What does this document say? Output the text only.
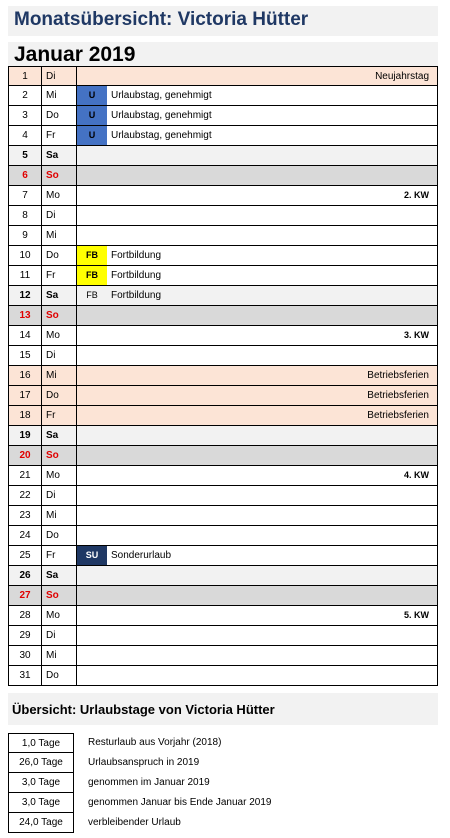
Monatsübersicht: Victoria Hütter
Januar 2019
1	Di	Neujahrstag
2	Mi	U	Urlaubstag, genehmigt
3	Do	U	Urlaubstag, genehmigt
4	Fr	U	Urlaubstag, genehmigt
5	Sa
6	So
7	Mo	2. KW
8	Di
9	Mi
10	Do	FB	Fortbildung
11	Fr	FB	Fortbildung
12	Sa	FB	Fortbildung
13	So
14	Mo	3. KW
15	Di
16	Mi	Betriebsferien
17	Do	Betriebsferien
18	Fr	Betriebsferien
19	Sa
20	So
21	Mo	4. KW
22	Di
23	Mi
24	Do
25	Fr	SU	Sonderurlaub
26	Sa
27	So
28	Mo	5. KW
29	Di
30	Mi
31	Do
Übersicht: Urlaubstage von Victoria Hütter
1,0 Tage	Resturlaub aus Vorjahr (2018)
26,0 Tage	Urlaubsanspruch in 2019
3,0 Tage	genommen im Januar 2019
3,0 Tage	genommen Januar bis Ende Januar 2019
24,0 Tage	verbleibender Urlaub
